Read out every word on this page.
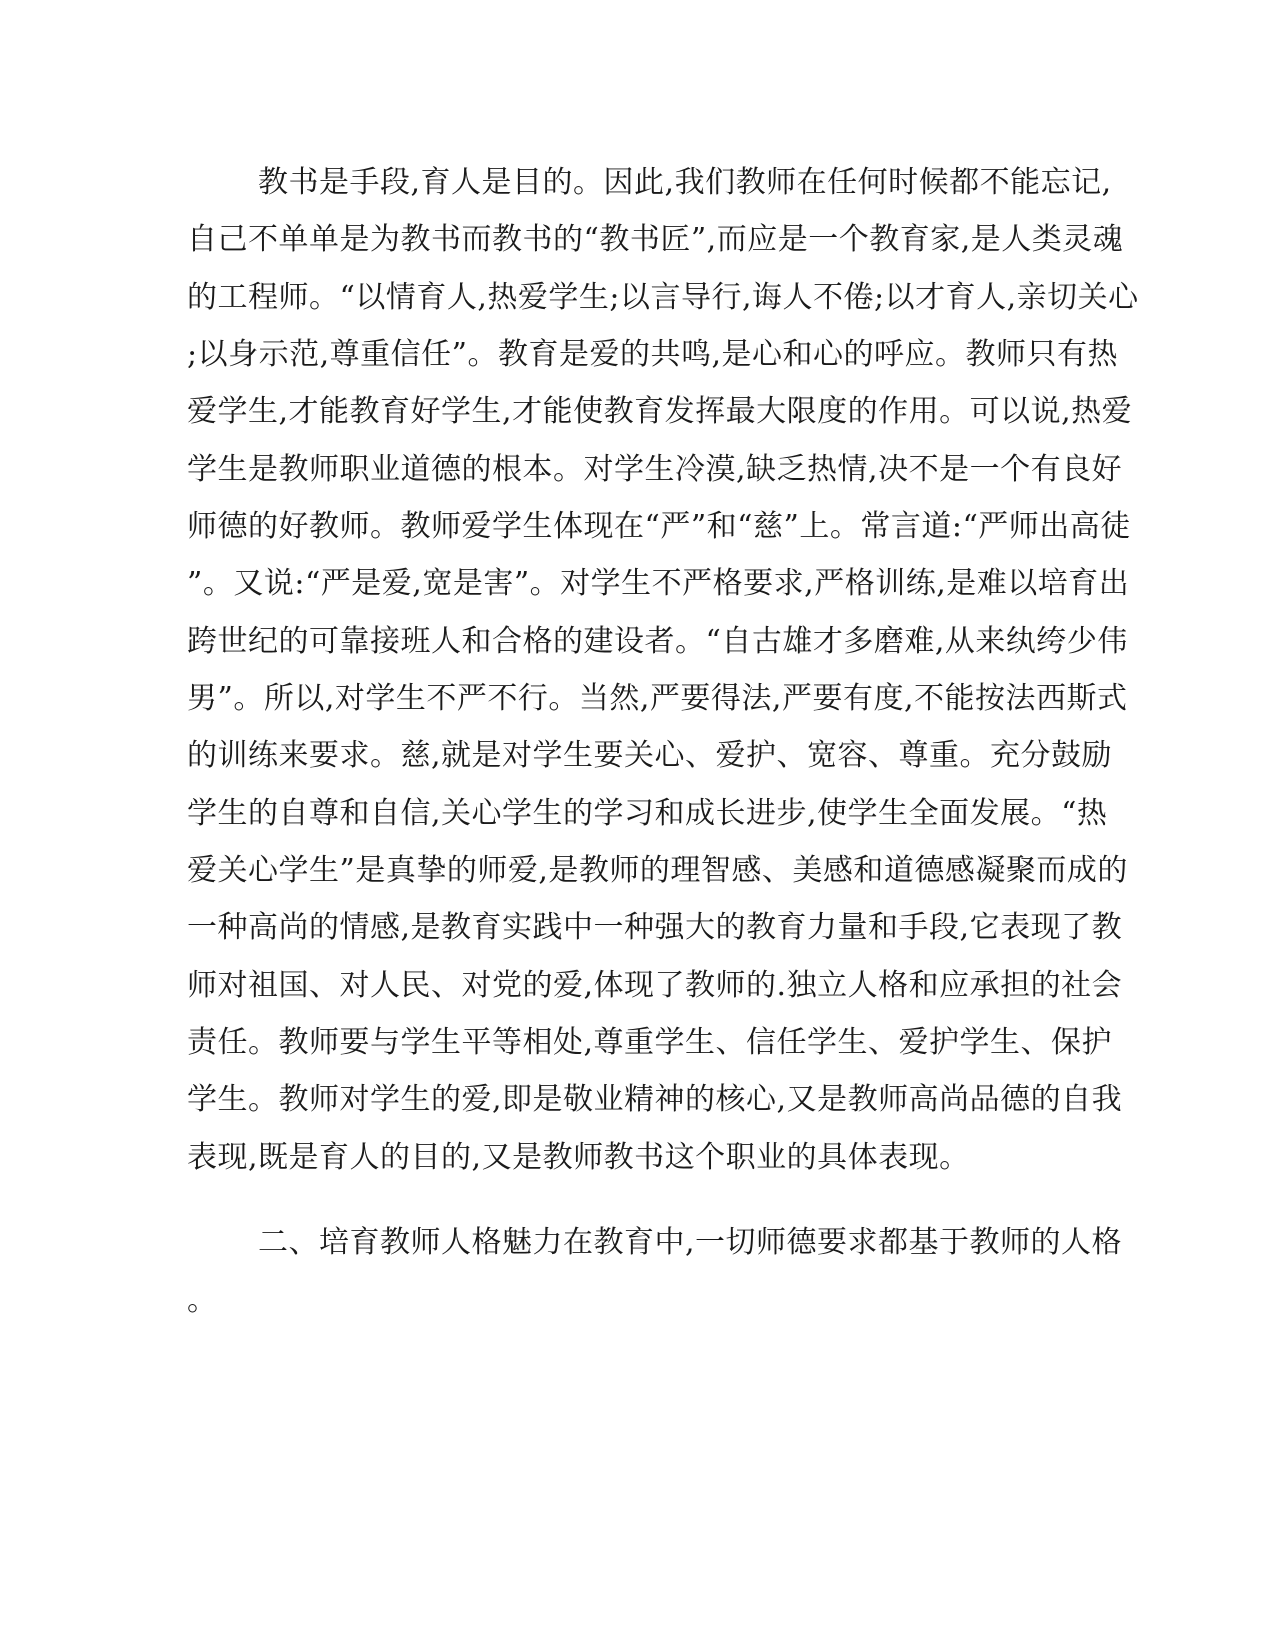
教书是手段,育人是目的。因此,我们教师在任何时候都不能忘记,
自己不单单是为教书而教书的“教书匠”,而应是一个教育家,是人类灵魂
的工程师。“以情育人,热爱学生;以言导行,诲人不倦;以才育人,亲切关心
;以身示范,尊重信任”。教育是爱的共鸣,是心和心的呼应。教师只有热
爱学生,才能教育好学生,才能使教育发挥最大限度的作用。可以说,热爱
学生是教师职业道德的根本。对学生冷漠,缺乏热情,决不是一个有良好
师德的好教师。教师爱学生体现在“严”和“慈”上。常言道:“严师出高徒
”。又说:“严是爱,宽是害”。对学生不严格要求,严格训练,是难以培育出
跨世纪的可靠接班人和合格的建设者。“自古雄才多磨难,从来纨绔少伟
男”。所以,对学生不严不行。当然,严要得法,严要有度,不能按法西斯式
的训练来要求。慈,就是对学生要关心、爱护、宽容、尊重。充分鼓励
学生的自尊和自信,关心学生的学习和成长进步,使学生全面发展。“热
爱关心学生”是真挚的师爱,是教师的理智感、美感和道德感凝聚而成的
一种高尚的情感,是教育实践中一种强大的教育力量和手段,它表现了教
师对祖国、对人民、对党的爱,体现了教师的.独立人格和应承担的社会
责任。教师要与学生平等相处,尊重学生、信任学生、爱护学生、保护
学生。教师对学生的爱,即是敬业精神的核心,又是教师高尚品德的自我
表现,既是育人的目的,又是教师教书这个职业的具体表现。
二、培育教师人格魅力在教育中,一切师德要求都基于教师的人格
。
